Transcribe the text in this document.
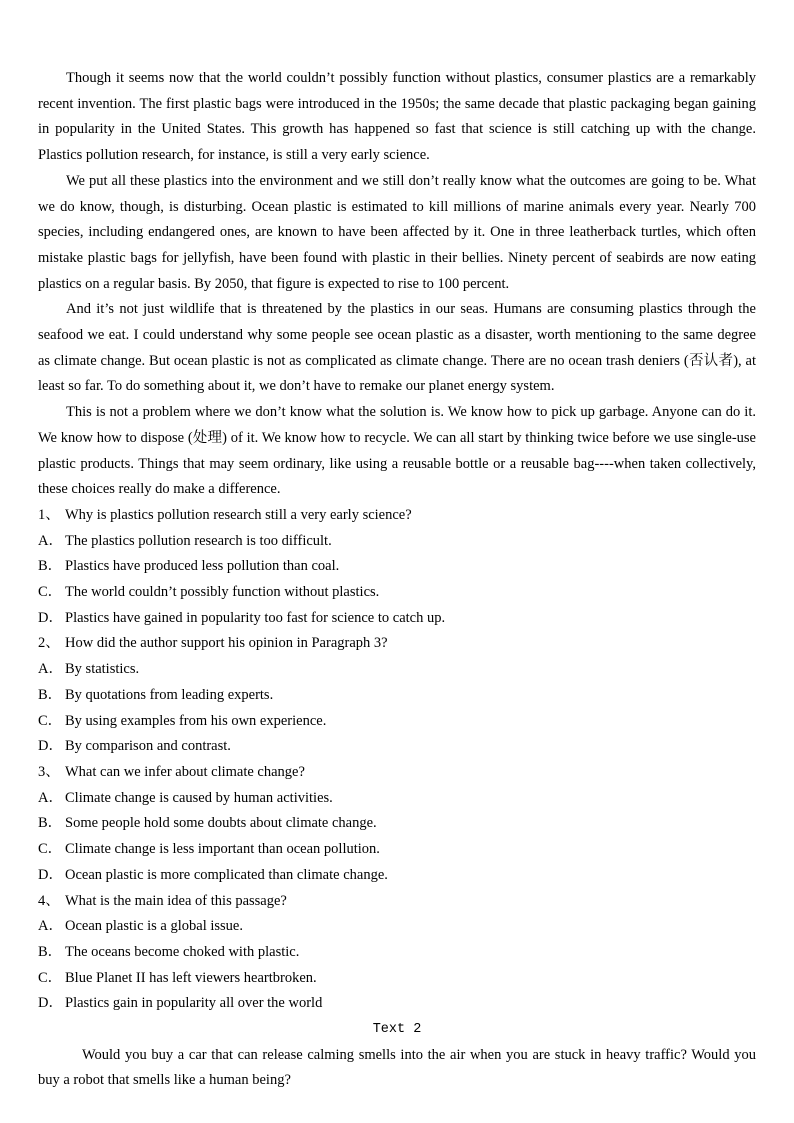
Though it seems now that the world couldn’t possibly function without plastics, consumer plastics are a remarkably recent invention. The first plastic bags were introduced in the 1950s; the same decade that plastic packaging began gaining in popularity in the United States. This growth has happened so fast that science is still catching up with the change. Plastics pollution research, for instance, is still a very early science.

We put all these plastics into the environment and we still don’t really know what the outcomes are going to be. What we do know, though, is disturbing. Ocean plastic is estimated to kill millions of marine animals every year. Nearly 700 species, including endangered ones, are known to have been affected by it. One in three leatherback turtles, which often mistake plastic bags for jellyfish, have been found with plastic in their bellies. Ninety percent of seabirds are now eating plastics on a regular basis. By 2050, that figure is expected to rise to 100 percent.

And it’s not just wildlife that is threatened by the plastics in our seas. Humans are consuming plastics through the seafood we eat. I could understand why some people see ocean plastic as a disaster, worth mentioning to the same degree as climate change. But ocean plastic is not as complicated as climate change. There are no ocean trash deniers (否认者), at least so far. To do something about it, we don’t have to remake our planet energy system.

This is not a problem where we don’t know what the solution is. We know how to pick up garbage. Anyone can do it. We know how to dispose (处理) of it. We know how to recycle. We can all start by thinking twice before we use single-use plastic products. Things that may seem ordinary, like using a reusable bottle or a reusable bag----when taken collectively, these choices really do make a difference.

1、 Why is plastics pollution research still a very early science?

A． The plastics pollution research is too difficult.

B． Plastics have produced less pollution than coal.

C． The world couldn’t possibly function without plastics.

D． Plastics have gained in popularity too fast for science to catch up.

2、 How did the author support his opinion in Paragraph 3?

A． By statistics.

B． By quotations from leading experts.

C． By using examples from his own experience.

D． By comparison and contrast.

3、 What can we infer about climate change?

A． Climate change is caused by human activities.

B． Some people hold some doubts about climate change.

C． Climate change is less important than ocean pollution.

D． Ocean plastic is more complicated than climate change.

4、 What is the main idea of this passage?

A． Ocean plastic is a global issue.

B． The oceans become choked with plastic.

C． Blue Planet II has left viewers heartbroken.

D． Plastics gain in popularity all over the world

Text 2

Would you buy a car that can release calming smells into the air when you are stuck in heavy traffic? Would you buy a robot that smells like a human being?
